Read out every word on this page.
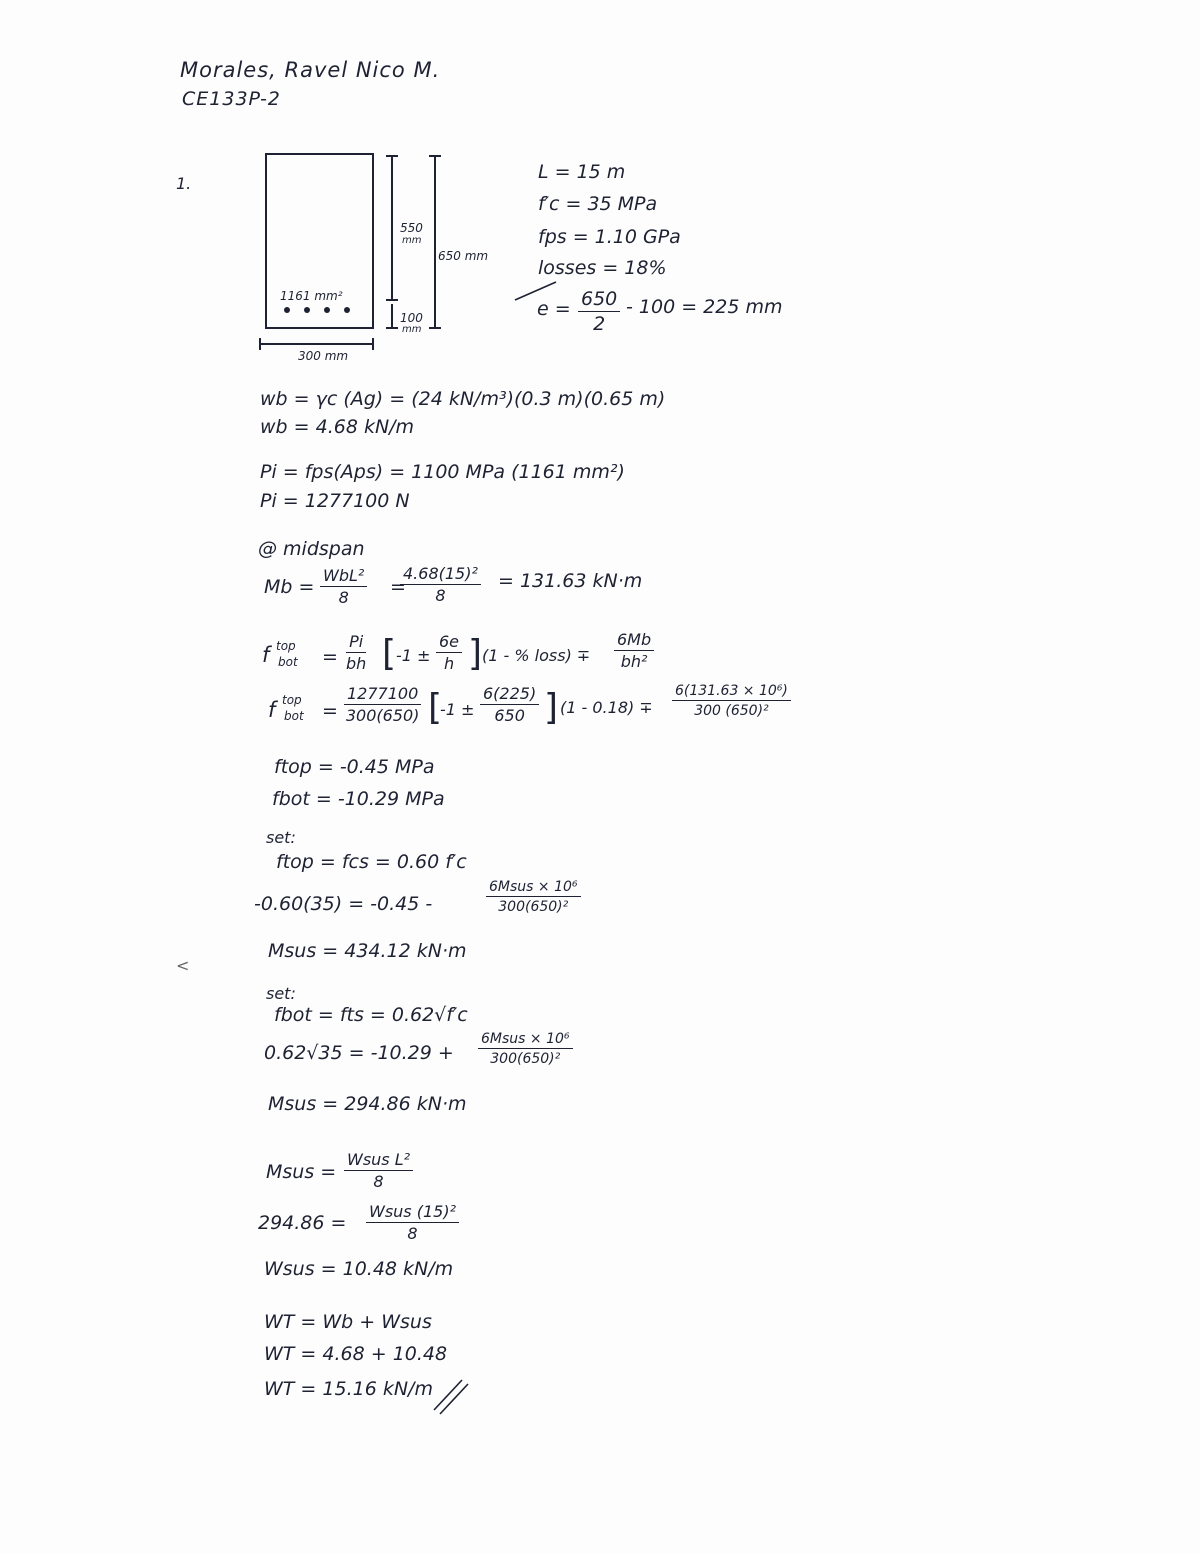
Morales, Ravel Nico M.
CE133P-2
1.
550
mm
650 mm
100
mm
300 mm
1161 mm²
L = 15 m
f′c = 35 MPa
fps = 1.10 GPa
losses = 18%
$e = \frac{650}{2} - 100 = 225$ mm
wb = γc (Ag) = (24 kN/m³)(0.3 m)(0.65 m)
wb = 4.68 kN/m
Pi = fps(Aps) = 1100 MPa (1161 mm²)
Pi = 1277100 N
@ midspan
Mb =
WbL²
8	=
$\frac{\text{4.68(15)²}}{8} = 131.63$ kN·m
f top
bot = $\frac{Pi}{bh}$ [ $-1 \pm \frac{6e}{h}$ ] (1 - % loss) ∓ $\frac{6Mb}{\text{bh²}}$
f top
bot = $\frac{1277100}{300(650)}$ [
$-1 \pm \frac{6(225)}{650}$ ] $(1 - 0.18) \mp \frac{\text{6(131.63 × 10⁶)}}{\text{300 (650)²}}$
ftop = -0.45 MPa
fbot = -10.29 MPa
set:
ftop = fcs = 0.60 f′c
-0.60(35) = -0.45 -
6Msus × 10⁶
300(650)²
Msus = 434.12 kN·m
<
set:
fbot = fts = 0.62√f′c
0.62√35 = -10.29 +
6Msus × 10⁶
300(650)²
Msus = 294.86 kN·m
Msus =
Wsus L²
8
294.86 =
Wsus (15)²
8
Wsus = 10.48 kN/m
WT = Wb + Wsus
WT = 4.68 + 10.48
WT = 15.16 kN/m
